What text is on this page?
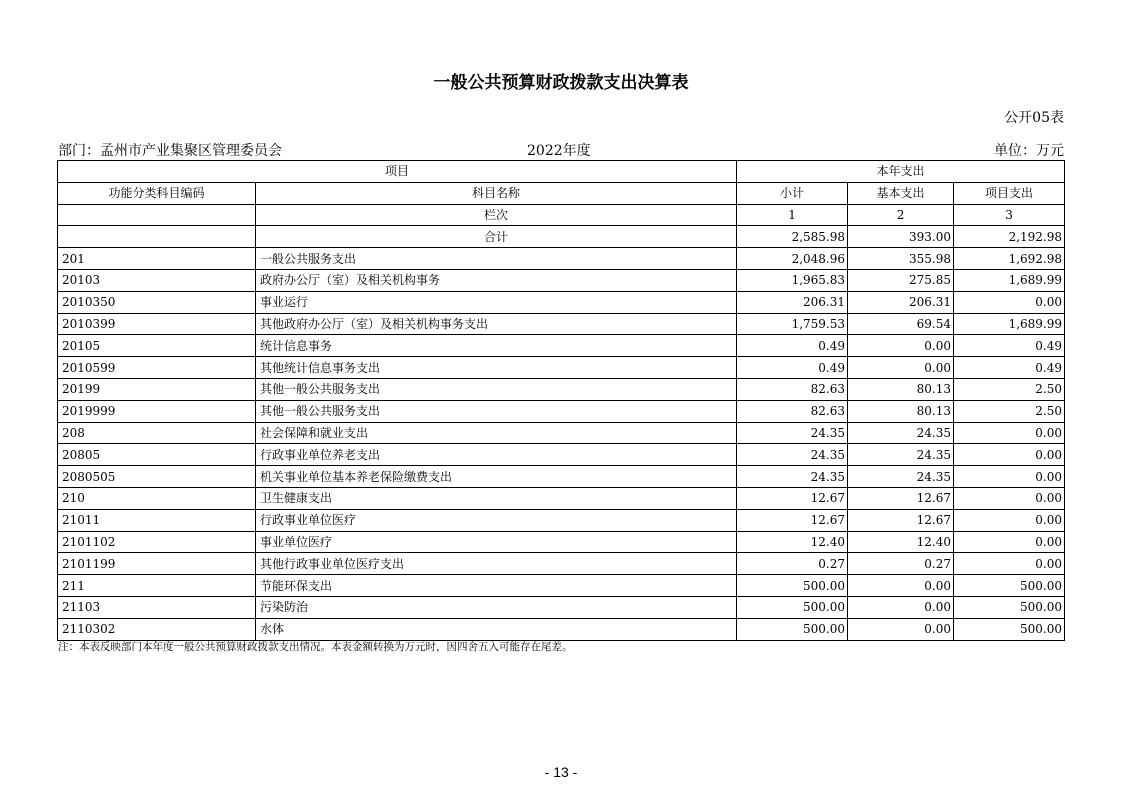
一般公共预算财政拨款支出决算表
公开05表
部门：孟州市产业集聚区管理委员会	2022年度	单位：万元
项目		本年支出		
功能分类科目编码	科目名称	小计	基本支出	项目支出
	栏次	1	2	3
	合计	2,585.98	393.00	2,192.98
201	一般公共服务支出	2,048.96	355.98	1,692.98
20103	政府办公厅（室）及相关机构事务	1,965.83	275.85	1,689.99
2010350	事业运行	206.31	206.31	0.00
2010399	其他政府办公厅（室）及相关机构事务支出	1,759.53	69.54	1,689.99
20105	统计信息事务	0.49	0.00	0.49
2010599	其他统计信息事务支出	0.49	0.00	0.49
20199	其他一般公共服务支出	82.63	80.13	2.50
2019999	其他一般公共服务支出	82.63	80.13	2.50
208	社会保障和就业支出	24.35	24.35	0.00
20805	行政事业单位养老支出	24.35	24.35	0.00
2080505	机关事业单位基本养老保险缴费支出	24.35	24.35	0.00
210	卫生健康支出	12.67	12.67	0.00
21011	行政事业单位医疗	12.67	12.67	0.00
2101102	事业单位医疗	12.40	12.40	0.00
2101199	其他行政事业单位医疗支出	0.27	0.27	0.00
211	节能环保支出	500.00	0.00	500.00
21103	污染防治	500.00	0.00	500.00
2110302	水体	500.00	0.00	500.00
注：本表反映部门本年度一般公共预算财政拨款支出情况。本表金额转换为万元时，因四舍五入可能存在尾差。
- 13 -
